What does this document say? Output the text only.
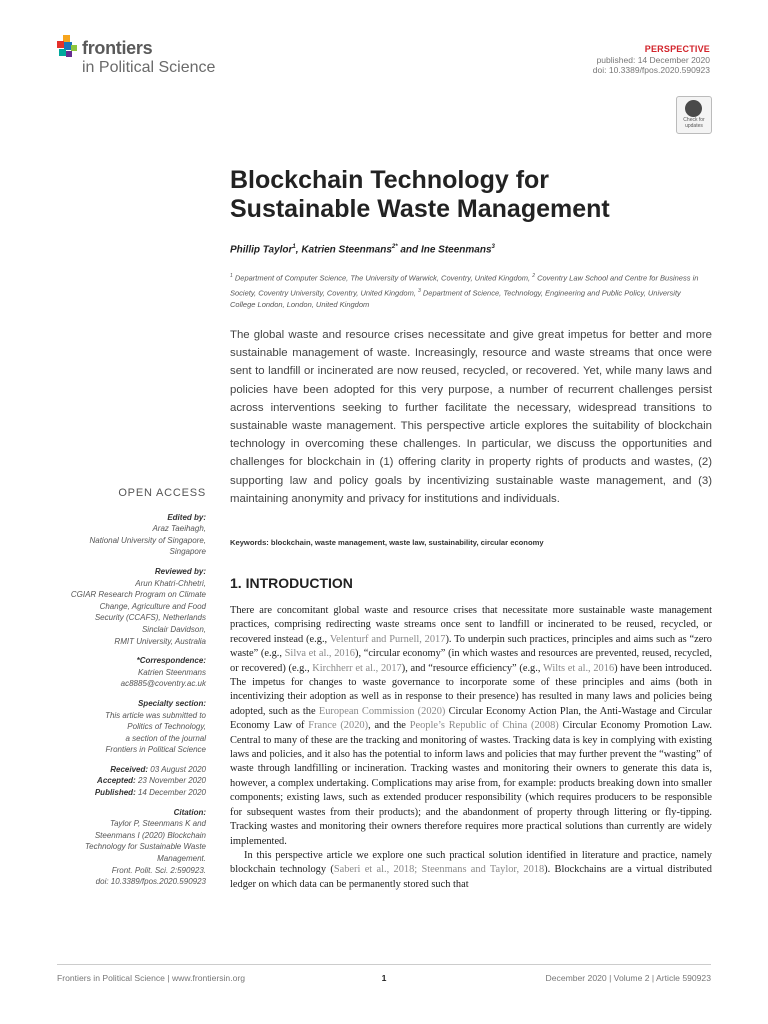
frontiers
in Political Science
PERSPECTIVE
published: 14 December 2020
doi: 10.3389/fpos.2020.590923
Check for updates
Blockchain Technology for
Sustainable Waste Management
Phillip Taylor$^1$, Katrien Steenmans$^{2*}$ and Ine Steenmans$^3$
$^1$ Department of Computer Science, The University of Warwick, Coventry, United Kingdom, $^2$ Coventry Law School and Centre for Business in Society, Coventry University, Coventry, United Kingdom, $^3$ Department of Science, Technology, Engineering and Public Policy, University College London, London, United Kingdom

The global waste and resource crises necessitate and give great impetus for better and more sustainable management of waste. Increasingly, resource and waste streams that once were sent to landfill or incinerated are now reused, recycled, or recovered. Yet, while many laws and policies have been adopted for this very purpose, a number of recurrent challenges persist across interventions seeking to further facilitate the necessary, widespread transitions to sustainable waste management. This perspective article explores the suitability of blockchain technology in overcoming these challenges. In particular, we discuss the opportunities and challenges for blockchain in (1) offering clarity in property rights of products and wastes, (2) supporting law and policy goals by incentivizing sustainable waste management, and (3) maintaining anonymity and privacy for institutions and individuals.

Keywords: blockchain, waste management, waste law, sustainability, circular economy
1. INTRODUCTION

There are concomitant global waste and resource crises that necessitate more sustainable waste management practices, comprising redirecting waste streams once sent to landfill or incinerated to be reused, recycled, or recovered instead (e.g., Velenturf and Purnell, 2017). To underpin such practices, principles and aims such as “zero waste” (e.g., Silva et al., 2016), “circular economy” (in which wastes and resources are prevented, reused, recycled, or recovered) (e.g., Kirchherr et al., 2017), and “resource efficiency” (e.g., Wilts et al., 2016) have been introduced. The impetus for changes to waste governance to incorporate some of these principles and aims (both in incentivizing their adoption as well as in response to their presence) has resulted in many laws and policies being adopted, such as the European Commission (2020) Circular Economy Action Plan, the Anti-Wastage and Circular Economy Law of France (2020), and the People’s Republic of China (2008) Circular Economy Promotion Law. Central to many of these are the tracking and monitoring of wastes. Tracking data is key in complying with existing laws and policies, and it also has the potential to inform laws and policies that may further prevent the “wasting” of waste through landfilling or incineration. Tracking wastes and monitoring their owners to generate this data is, however, a complex undertaking. Complications may arise from, for example: products breaking down into smaller components; existing laws, such as extended producer responsibility (which requires producers to be responsible for subsequent wastes from their products); and the abandonment of property through littering or fly-tipping. Tracking wastes and monitoring their owners therefore requires more practical solutions than currently are widely implemented.

In this perspective article we explore one such practical solution identified in literature and practice, namely blockchain technology (Saberi et al., 2018; Steenmans and Taylor, 2018). Blockchains are a virtual distributed ledger on which data can be permanently stored such that

OPEN ACCESS
Edited by:
Araz Taeihagh,
National University of Singapore,
Singapore
Reviewed by:
Arun Khatri-Chhetri,
CGIAR Research Program on Climate
Change, Agriculture and Food
Security (CCAFS), Netherlands
Sinclair Davidson,
RMIT University, Australia
*Correspondence:
Katrien Steenmans
ac8885@coventry.ac.uk
Specialty section:
This article was submitted to
Politics of Technology,
a section of the journal
Frontiers in Political Science
Received: 03 August 2020
Accepted: 23 November 2020
Published: 14 December 2020
Citation:
Taylor P, Steenmans K and
Steenmans I (2020) Blockchain
Technology for Sustainable Waste
Management.
Front. Polit. Sci. 2:590923.
doi: 10.3389/fpos.2020.590923
Frontiers in Political Science | www.frontiersin.org	1	December 2020 | Volume 2 | Article 590923
